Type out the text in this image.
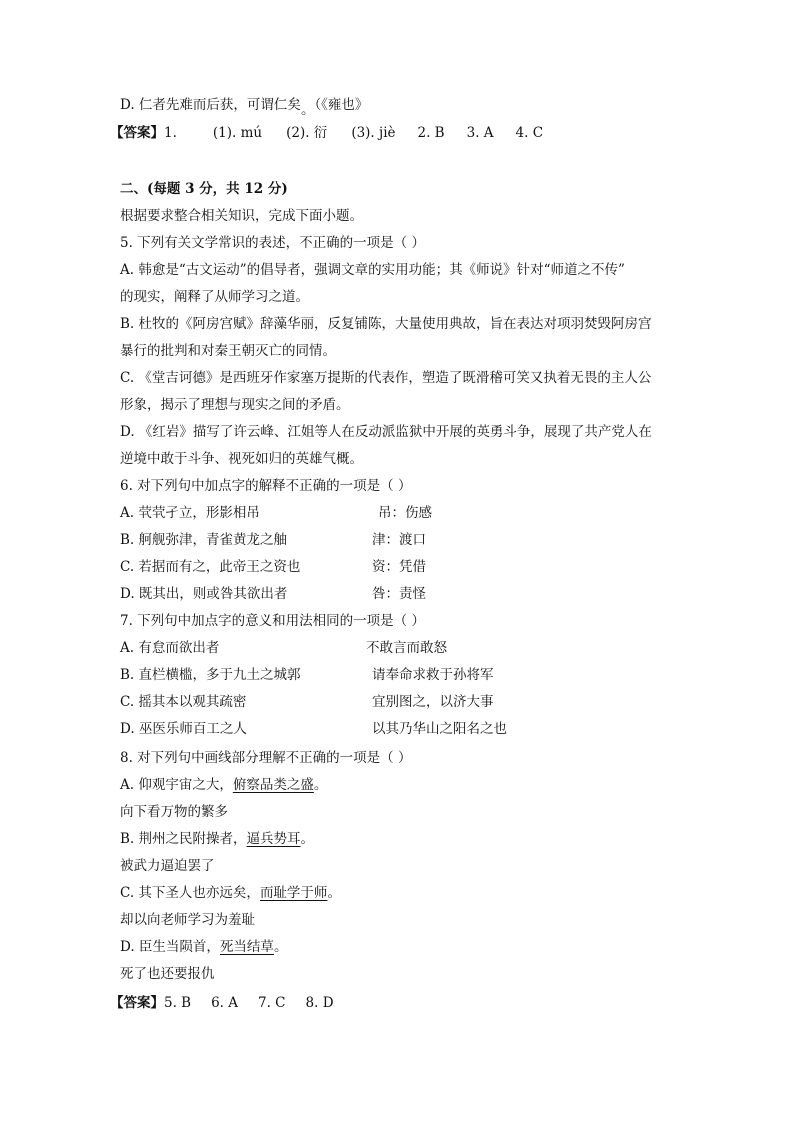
D. 仁者先难而后获，可谓仁矣。（《雍也》
【答案】1.	(1). mú (2). 衍 (3). jiè 2. B 3. A 4. C
二、(每题 3 分，共 12 分)
根据要求整合相关知识，完成下面小题。
5. 下列有关文学常识的表述，不正确的一项是（ ）
A. 韩愈是“古文运动”的倡导者，强调文章的实用功能；其《师说》针对“师道之不传”
的现实，阐释了从师学习之道。
B. 杜牧的《阿房宫赋》辞藻华丽，反复铺陈，大量使用典故，旨在表达对项羽焚毁阿房宫
暴行的批判和对秦王朝灭亡的同情。
C. 《堂吉诃德》是西班牙作家塞万提斯的代表作，塑造了既滑稽可笑又执着无畏的主人公
形象，揭示了理想与现实之间的矛盾。
D. 《红岩》描写了许云峰、江姐等人在反动派监狱中开展的英勇斗争，展现了共产党人在
逆境中敢于斗争、视死如归的英雄气概。
6. 对下列句中加点字的解释不正确的一项是（ ）
A. 茕茕孑立，形影相吊	吊：伤感
B. 舸舰弥津，青雀黄龙之舳	津：渡口
C. 若据而有之，此帝王之资也	资：凭借
D. 既其出，则或咎其欲出者	咎：责怪
7. 下列句中加点字的意义和用法相同的一项是（ ）
A. 有怠而欲出者	不敢言而敢怒
B. 直栏横槛，多于九土之城郭	请奉命求救于孙将军
C. 摇其本以观其疏密	宜别图之，以济大事
D. 巫医乐师百工之人	以其乃华山之阳名之也
8. 对下列句中画线部分理解不正确的一项是（ ）
A. 仰观宇宙之大，俯察品类之盛。
向下看万物的繁多
B. 荆州之民附操者，逼兵势耳。
被武力逼迫罢了
C. 其下圣人也亦远矣，而耻学于师。
却以向老师学习为羞耻
D. 臣生当陨首，死当结草。
死了也还要报仇
【答案】5. B 6. A 7. C 8. D
